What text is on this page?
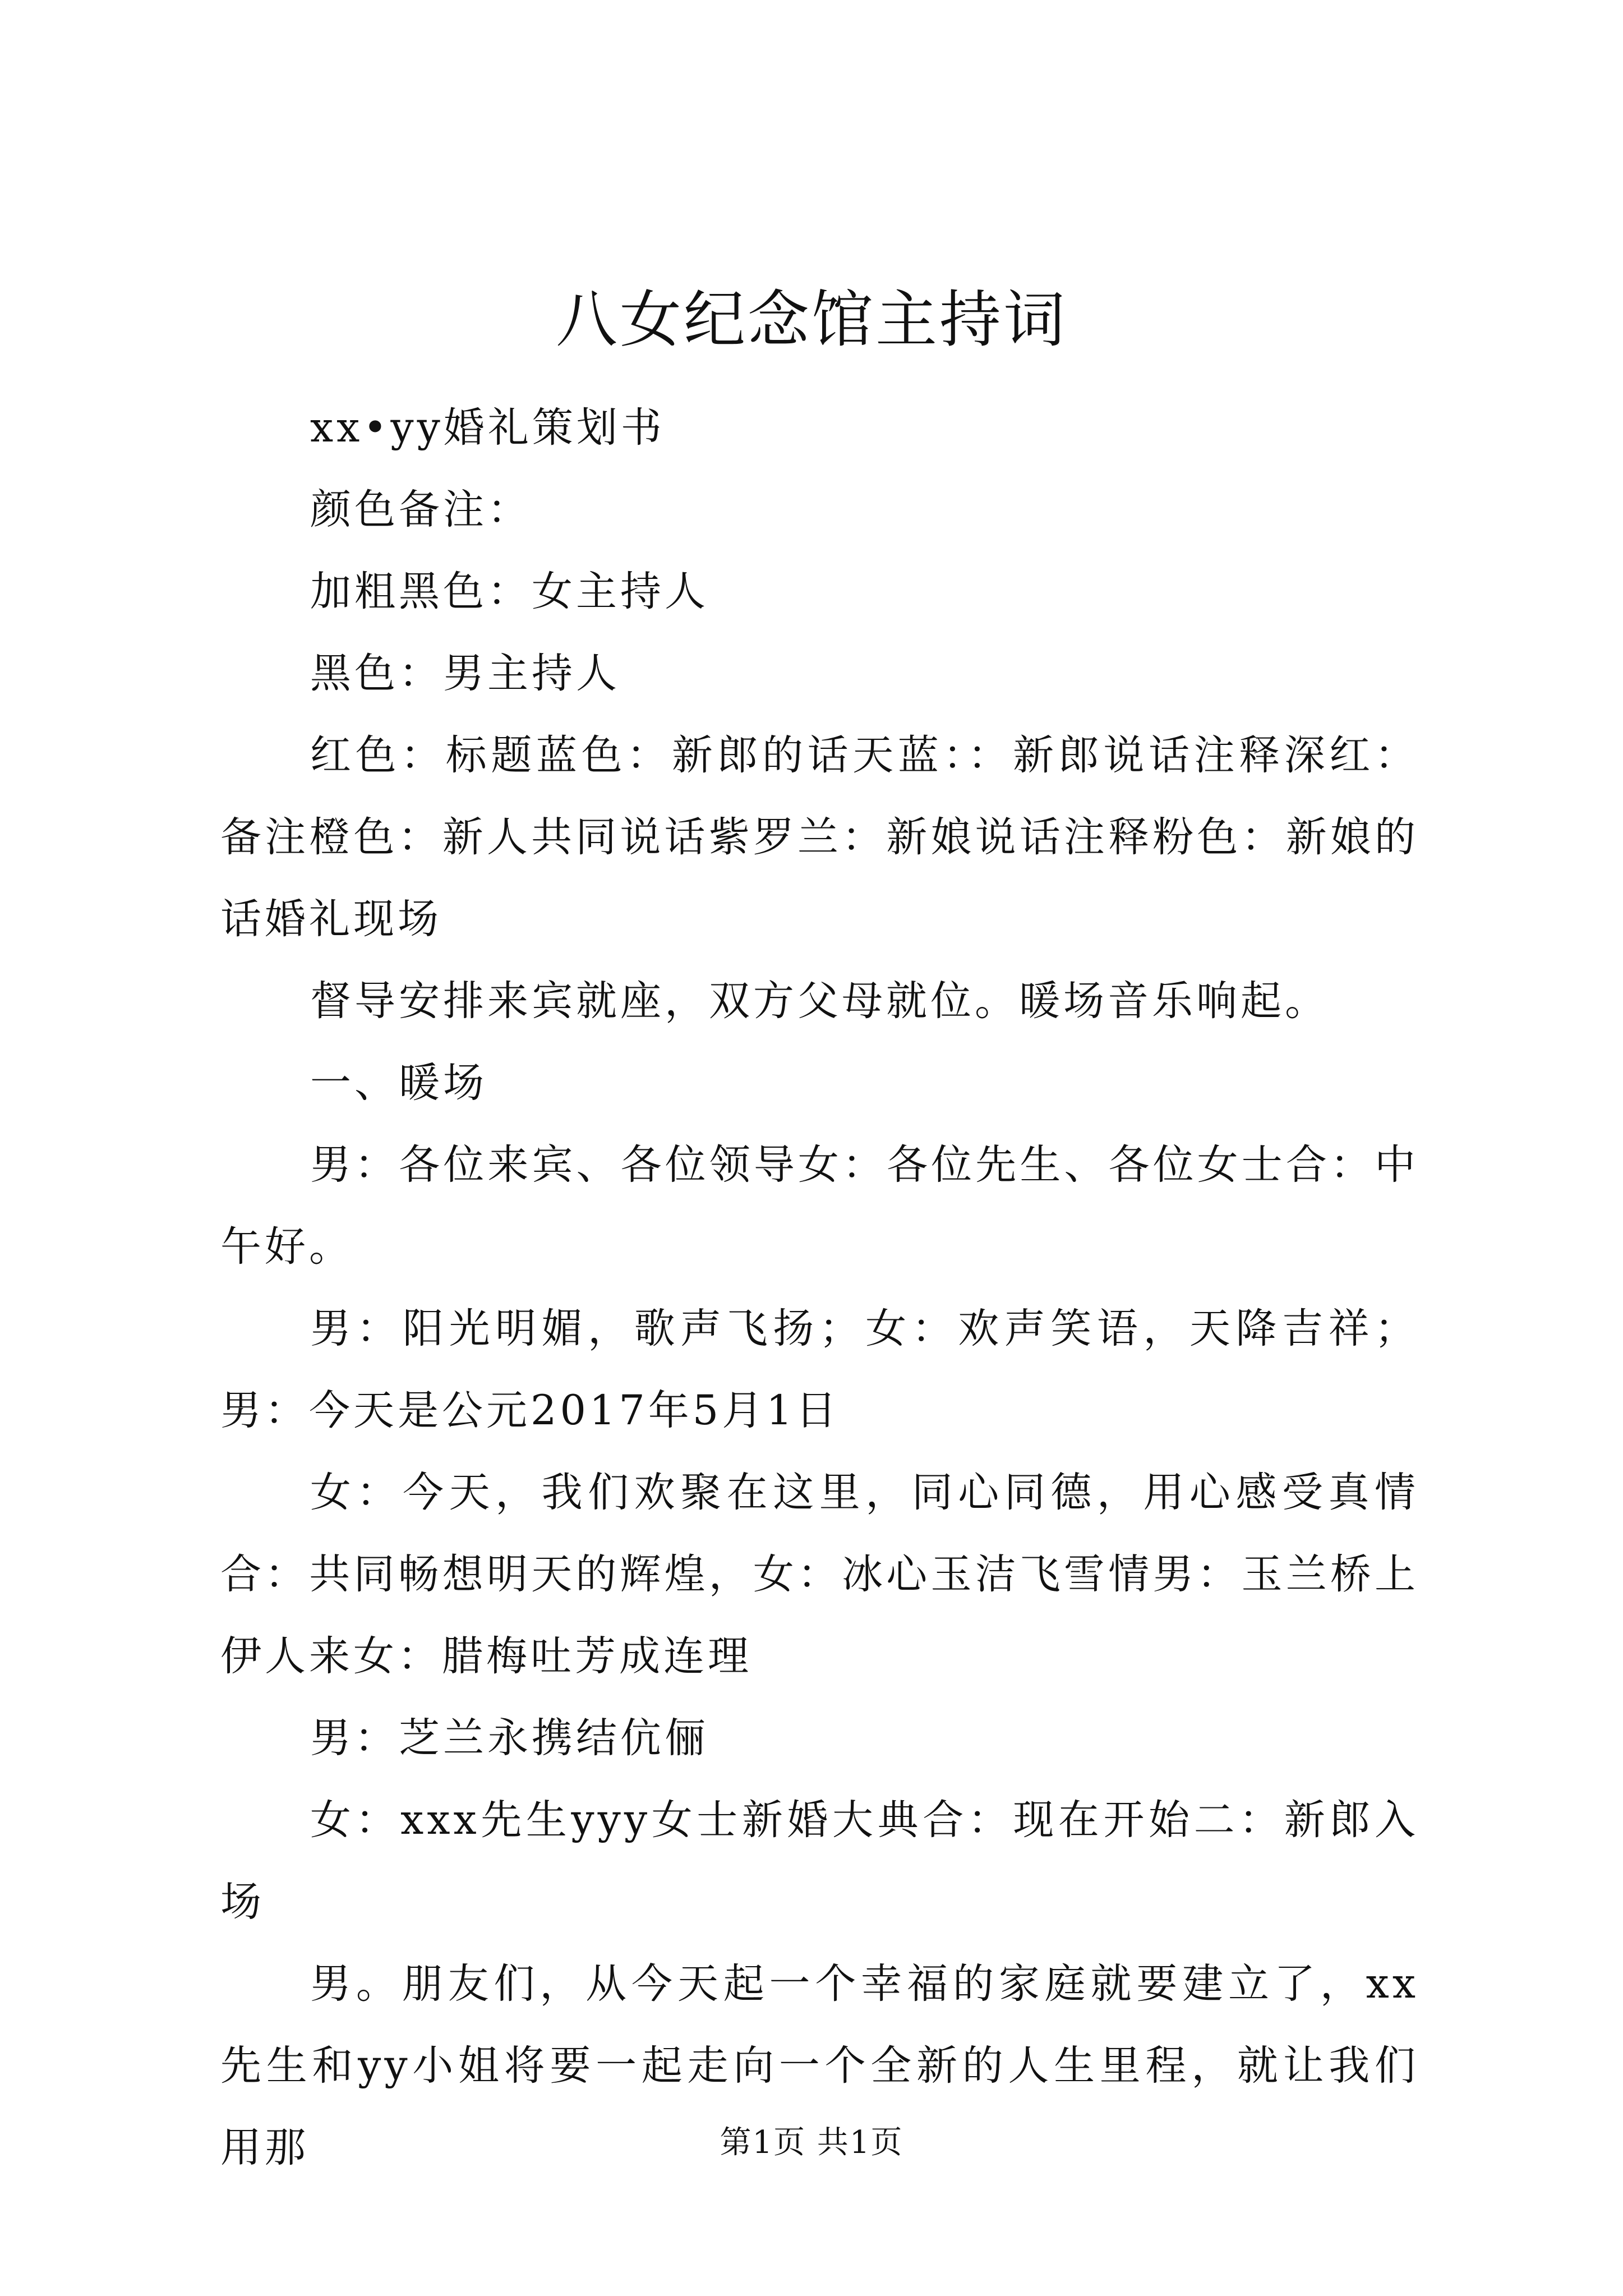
八女纪念馆主持词

xx•yy婚礼策划书

颜色备注：

加粗黑色：女主持人

黑色：男主持人

红色：标题蓝色：新郎的话天蓝：：新郎说话注释深红：备注橙色：新人共同说话紫罗兰：新娘说话注释粉色：新娘的话婚礼现场

督导安排来宾就座，双方父母就位。暖场音乐响起。

一、暖场

男：各位来宾、各位领导女：各位先生、各位女士合：中午好。

男：阳光明媚，歌声飞扬；女：欢声笑语，天降吉祥；男：今天是公元2017年5月1日

女：今天，我们欢聚在这里，同心同德，用心感受真情合：共同畅想明天的辉煌，女：冰心玉洁飞雪情男：玉兰桥上伊人来女：腊梅吐芳成连理

男：芝兰永携结伉俪

女：xxx先生yyy女士新婚大典合：现在开始二：新郎入场

男。朋友们，从今天起一个幸福的家庭就要建立了，xx先生和yy小姐将要一起走向一个全新的人生里程，就让我们用那	第1页 共1页
